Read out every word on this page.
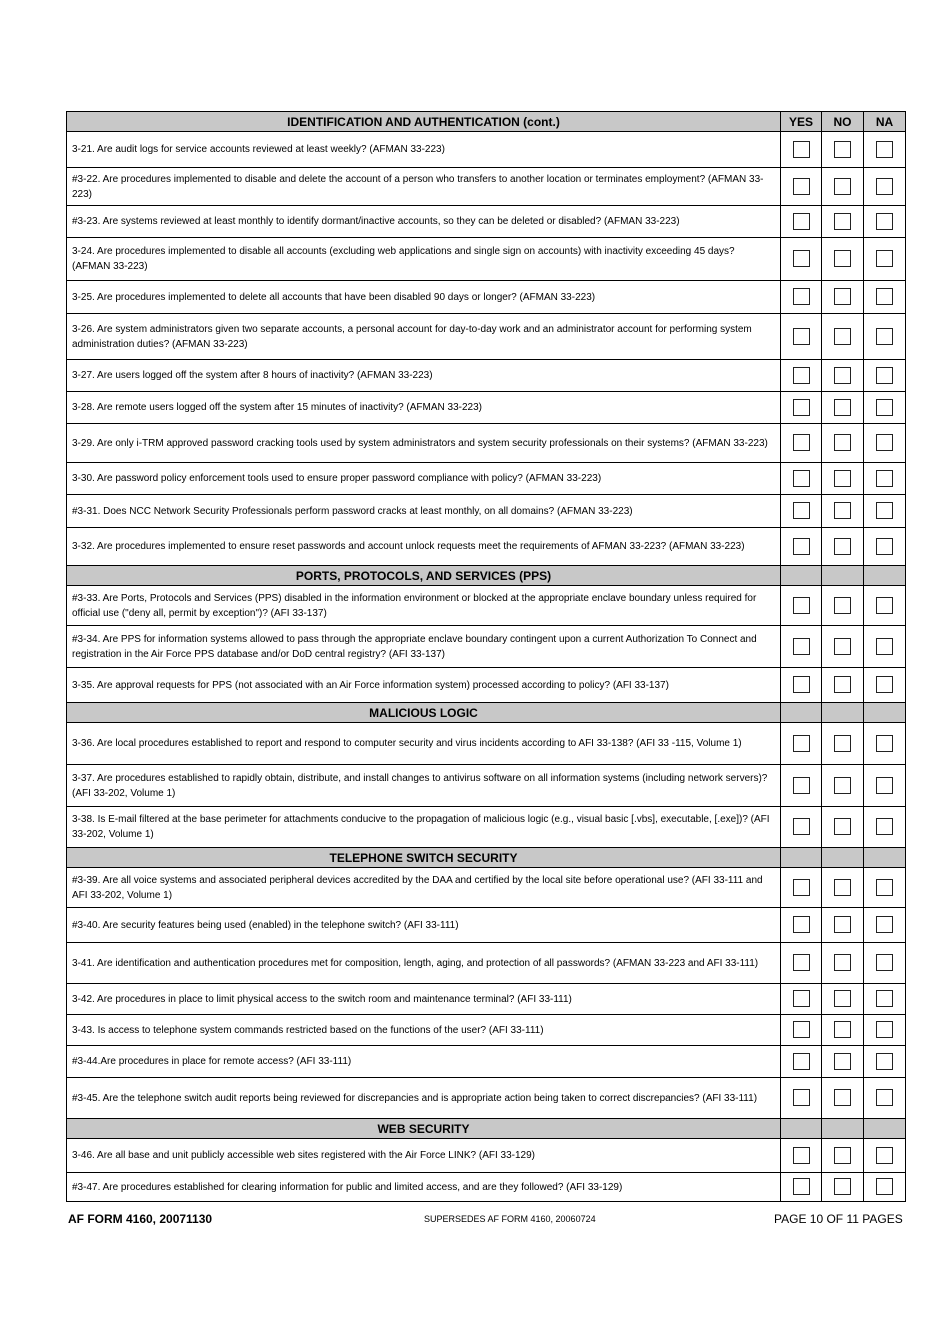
IDENTIFICATION AND AUTHENTICATION (cont.)	YES	NO	NA
3-21. Are audit logs for service accounts reviewed at least weekly? (AFMAN 33-223)			
#3-22. Are procedures implemented to disable and delete the account of a person who transfers to another location or terminates employment? (AFMAN 33-223)			
#3-23. Are systems reviewed at least monthly to identify dormant/inactive accounts, so they can be deleted or disabled? (AFMAN 33-223)			
3-24. Are procedures implemented to disable all accounts (excluding web applications and single sign on accounts) with inactivity exceeding 45 days? (AFMAN 33-223)			
3-25. Are procedures implemented to delete all accounts that have been disabled 90 days or longer? (AFMAN 33-223)			
3-26. Are system administrators given two separate accounts, a personal account for day-to-day work and an administrator account for performing system administration duties? (AFMAN 33-223)			
3-27. Are users logged off the system after 8 hours of inactivity? (AFMAN 33-223)			
3-28. Are remote users logged off the system after 15 minutes of inactivity? (AFMAN 33-223)			
3-29. Are only i-TRM approved password cracking tools used by system administrators and system security professionals on their systems? (AFMAN 33-223)			
3-30. Are password policy enforcement tools used to ensure proper password compliance with policy? (AFMAN 33-223)			
#3-31. Does NCC Network Security Professionals perform password cracks at least monthly, on all domains? (AFMAN 33-223)			
3-32. Are procedures implemented to ensure reset passwords and account unlock requests meet the requirements of AFMAN 33-223? (AFMAN 33-223)			
PORTS, PROTOCOLS, AND SERVICES (PPS)			
#3-33. Are Ports, Protocols and Services (PPS) disabled in the information environment or blocked at the appropriate enclave boundary unless required for official use ("deny all, permit by exception")? (AFI 33-137)			
#3-34. Are PPS for information systems allowed to pass through the appropriate enclave boundary contingent upon a current Authorization To Connect and registration in the Air Force PPS database and/or DoD central registry? (AFI 33-137)			
3-35. Are approval requests for PPS (not associated with an Air Force information system) processed according to policy? (AFI 33-137)			
MALICIOUS LOGIC			
3-36. Are local procedures established to report and respond to computer security and virus incidents according to AFI 33-138? (AFI 33 -115, Volume 1)			
3-37. Are procedures established to rapidly obtain, distribute, and install changes to antivirus software on all information systems (including network servers)? (AFI 33-202, Volume 1)			
3-38. Is E-mail filtered at the base perimeter for attachments conducive to the propagation of malicious logic (e.g., visual basic [.vbs], executable, [.exe])? (AFI 33-202, Volume 1)			
TELEPHONE SWITCH SECURITY			
#3-39. Are all voice systems and associated peripheral devices accredited by the DAA and certified by the local site before operational use? (AFI 33-111 and AFI 33-202, Volume 1)			
#3-40. Are security features being used (enabled) in the telephone switch? (AFI 33-111)			
3-41. Are identification and authentication procedures met for composition, length, aging, and protection of all passwords? (AFMAN 33-223 and AFI 33-111)			
3-42. Are procedures in place to limit physical access to the switch room and maintenance terminal? (AFI 33-111)			
3-43. Is access to telephone system commands restricted based on the functions of the user? (AFI 33-111)			
#3-44.Are procedures in place for remote access? (AFI 33-111)			
#3-45. Are the telephone switch audit reports being reviewed for discrepancies and is appropriate action being taken to correct discrepancies? (AFI 33-111)			
WEB SECURITY			
3-46. Are all base and unit publicly accessible web sites registered with the Air Force LINK? (AFI 33-129)			
#3-47. Are procedures established for clearing information for public and limited access, and are they followed? (AFI 33-129)			
AF FORM 4160, 20071130	SUPERSEDES AF FORM 4160, 20060724	PAGE 10 OF 11 PAGES
